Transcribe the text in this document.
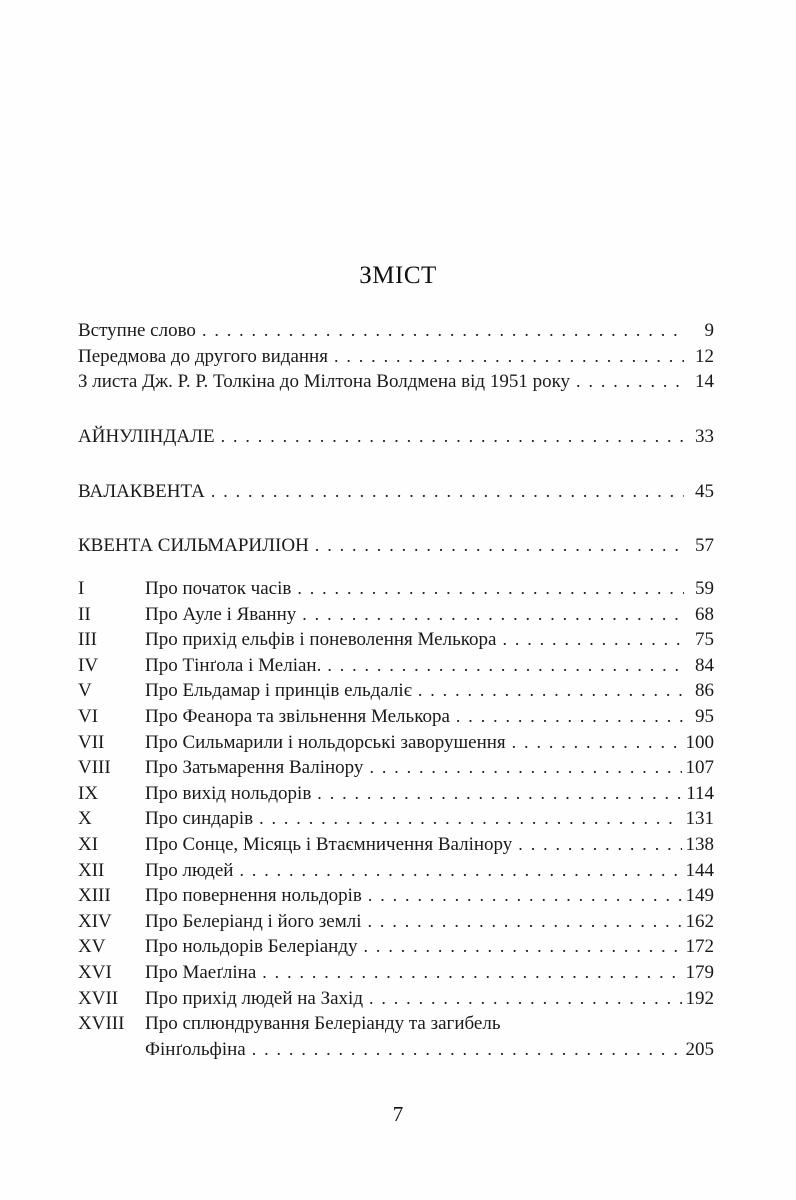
ЗМІСТ
Вступне слово . . .	9
Передмова до другого видання . . .	12
З листа Дж. Р. Р. Толкіна до Мілтона Волдмена від 1951 року . . .	14
АЙНУЛІНДАЛЕ . . .	33
ВАЛАКВЕНТА . . .	45
КВЕНТА СИЛЬМАРИЛІОН . . .	57
I	Про початок часів . . .	59
II	Про Ауле і Яванну . . .	68
III	Про прихід ельфів і поневолення Мелькора . . .	75
IV	Про Тінґола і Меліан. . . .	84
V	Про Ельдамар і принців ельдаліє . . .	86
VI	Про Феанора та звільнення Мелькора . . .	95
VII	Про Сильмарили і нольдорські заворушення . . .	100
VIII	Про Затьмарення Валінору . . .	107
IX	Про вихід нольдорів . . .	114
X	Про синдарів . . .	131
XI	Про Сонце, Місяць і Втаємничення Валінору . . .	138
XII	Про людей . . .	144
XIII	Про повернення нольдорів . . .	149
XIV	Про Белеріанд і його землі . . .	162
XV	Про нольдорів Белеріанду . . .	172
XVI	Про Маеґліна . . .	179
XVII	Про прихід людей на Захід . . .	192
XVIII	Про сплюндрування Белеріанду та загибель
Фінґольфіна . . .	205
7
